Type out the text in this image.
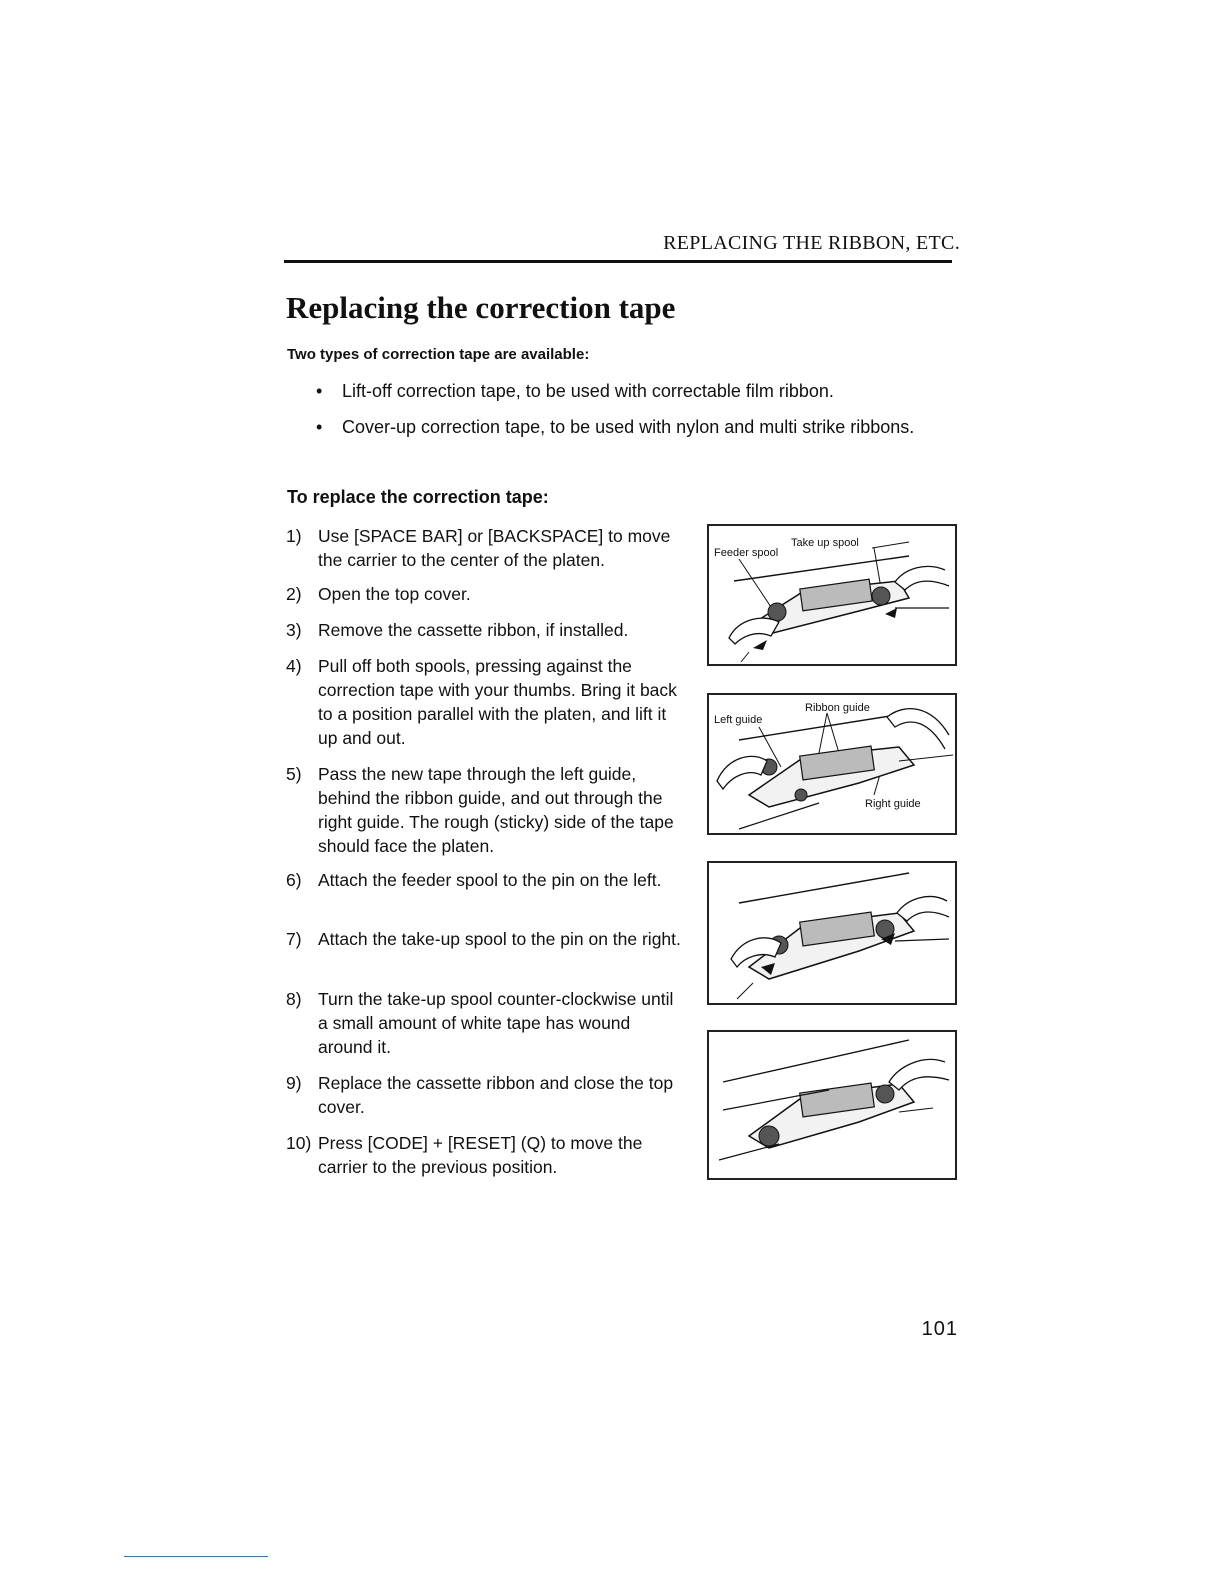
REPLACING THE RIBBON, ETC.
Replacing the correction tape

Two types of correction tape are available:

• Lift-off correction tape, to be used with correctable film ribbon.
• Cover-up correction tape, to be used with nylon and multi strike ribbons.
To replace the correction tape:
1) Use [SPACE BAR] or [BACKSPACE] to move the carrier to the center of the platen.
2) Open the top cover.
3) Remove the cassette ribbon, if installed.
4) Pull off both spools, pressing against the correction tape with your thumbs. Bring it back to a position parallel with the platen, and lift it up and out.
5) Pass the new tape through the left guide, behind the ribbon guide, and out through the right guide. The rough (sticky) side of the tape should face the platen.
6) Attach the feeder spool to the pin on the left.
7) Attach the take-up spool to the pin on the right.
8) Turn the take-up spool counter-clockwise until a small amount of white tape has wound around it.
9) Replace the cassette ribbon and close the top cover.
10) Press [CODE] + [RESET] (Q) to move the carrier to the previous position.
Take up spool
Feeder spool
Ribbon guide
Left guide
Right guide
101
